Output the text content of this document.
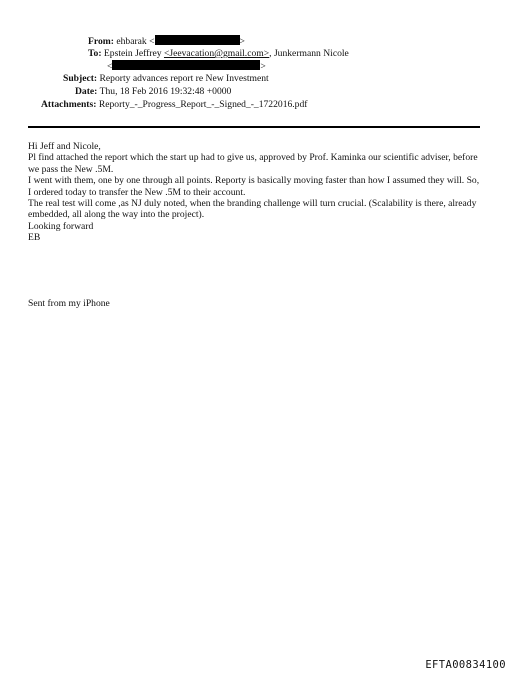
From: ehbarak <	>
To: Epstein Jeffrey <Jeevacation@gmail.com>, Junkermann Nicole
<	>
Subject: Reporty advances report re New Investment
Date: Thu, 18 Feb 2016 19:32:48 +0000
Attachments: Reporty_-_Progress_Report_-_Signed_-_1722016.pdf

Hi Jeff and Nicole,

Pl find attached the report which the start up had to give us, approved by Prof. Kaminka our scientific adviser, before we pass the New .5M.

I went with them, one by one through all points. Reporty is basically moving faster than how I assumed they will. So, I ordered today to transfer the New .5M to their account.

The real test will come ,as NJ duly noted, when the branding challenge will turn crucial. (Scalability is there, already embedded, all along the way into the project).

Looking forward

EB

Sent from my iPhone
EFTA00834100
